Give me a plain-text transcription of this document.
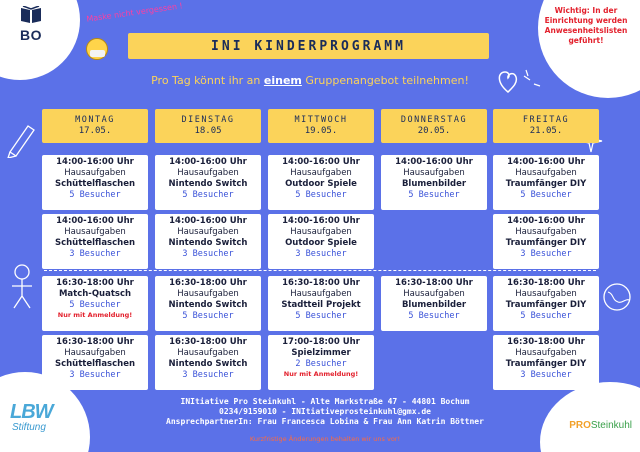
BO
Maske nicht vergessen !
INI KINDERPROGRAMM
Pro Tag könnt ihr an einem Gruppenangebot teilnehmen!
Wichtig: In der Einrichtung werden Anwesenheitslisten geführt!
MONTAG
17.05.
14:00-16:00 Uhr
Hausaufgaben
Schüttelflaschen
5 Besucher
14:00-16:00 Uhr
Hausaufgaben
Schüttelflaschen
3 Besucher
16:30-18:00 Uhr
Match-Quatsch
5 Besucher
Nur mit Anmeldung!
16:30-18:00 Uhr
Hausaufgaben
Schüttelflaschen
3 Besucher
DIENSTAG
18.05
14:00-16:00 Uhr
Hausaufgaben
Nintendo Switch
5 Besucher
14:00-16:00 Uhr
Hausaufgaben
Nintendo Switch
3 Besucher
16:30-18:00 Uhr
Hausaufgaben
Nintendo Switch
5 Besucher
16:30-18:00 Uhr
Hausaufgaben
Nintendo Switch
3 Besucher
MITTWOCH
19.05.
14:00-16:00 Uhr
Hausaufgaben
Outdoor Spiele
5 Besucher
14:00-16:00 Uhr
Hausaufgaben
Outdoor Spiele
3 Besucher
16:30-18:00 Uhr
Hausaufgaben
Stadtteil Projekt
5 Besucher
17:00-18:00 Uhr
Spielzimmer
2 Besucher
Nur mit Anmeldung!
DONNERSTAG
20.05.
14:00-16:00 Uhr
Hausaufgaben
Blumenbilder
5 Besucher
16:30-18:00 Uhr
Hausaufgaben
Blumenbilder
5 Besucher
FREITAG
21.05.
14:00-16:00 Uhr
Hausaufgaben
Traumfänger DIY
5 Besucher
14:00-16:00 Uhr
Hausaufgaben
Traumfänger DIY
3 Besucher
16:30-18:00 Uhr
Hausaufgaben
Traumfänger DIY
5 Besucher
16:30-18:00 Uhr
Hausaufgaben
Traumfänger DIY
3 Besucher
INItiative Pro Steinkuhl - Alte Markstraße 47 - 44801 Bochum
0234/9159010 - INItiativeprosteinkuhl@gmx.de
AnsprechpartnerIn: Frau Francesca Lobina & Frau Ann Katrin Böttner
Kurzfristige Änderungen behalten wir uns vor!
LBW
Stiftung	PROSteinkuhl
